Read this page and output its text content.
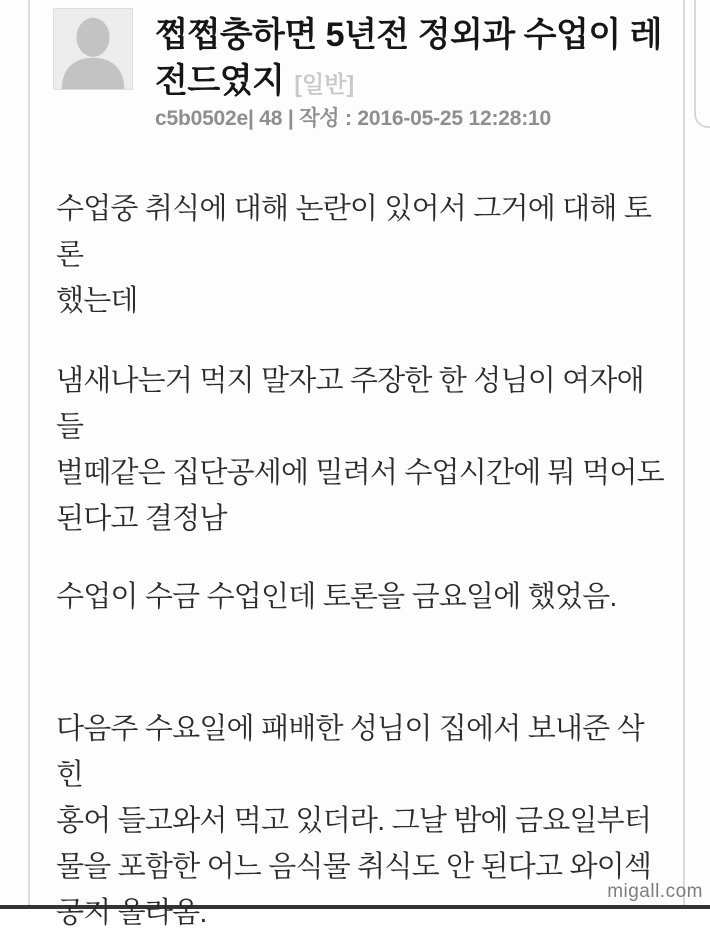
쩝쩝충하면 5년전 정외과 수업이 레
전드였지 [일반]
c5b0502e| 48 | 작성 : 2016-05-25 12:28:10
수업중 취식에 대해 논란이 있어서 그거에 대해 토론
했는데
냄새나는거 먹지 말자고 주장한 한 성님이 여자애들
벌떼같은 집단공세에 밀려서 수업시간에 뭐 먹어도
된다고 결정남
수업이 수금 수업인데 토론을 금요일에 했었음.
다음주 수요일에 패배한 성님이 집에서 보내준 삭힌
홍어 들고와서 먹고 있더라. 그날 밤에 금요일부터
물을 포함한 어느 음식물 취식도 안 된다고 와이섹
공지 올라옴.
migall.com
